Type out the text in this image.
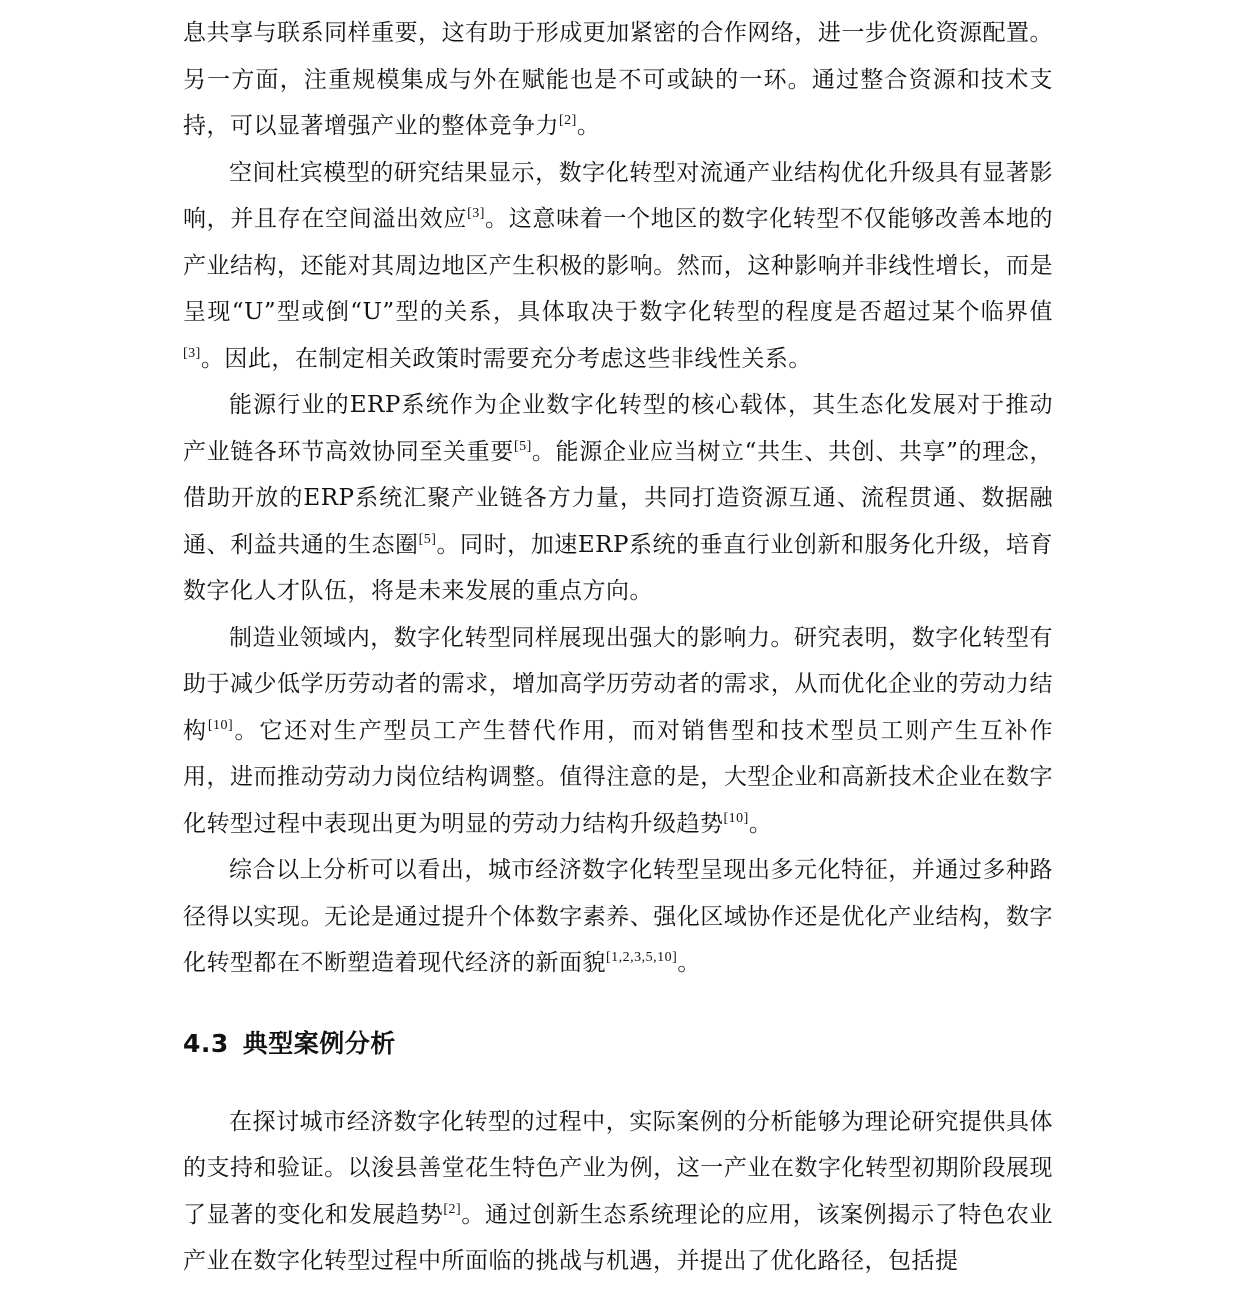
息共享与联系同样重要，这有助于形成更加紧密的合作网络，进一步优化资源配置。另一方面，注重规模集成与外在赋能也是不可或缺的一环。通过整合资源和技术支持，可以显著增强产业的整体竞争力[2]。

空间杜宾模型的研究结果显示，数字化转型对流通产业结构优化升级具有显著影响，并且存在空间溢出效应[3]。这意味着一个地区的数字化转型不仅能够改善本地的产业结构，还能对其周边地区产生积极的影响。然而，这种影响并非线性增长，而是呈现“U”型或倒“U”型的关系，具体取决于数字化转型的程度是否超过某个临界值[3]。因此，在制定相关政策时需要充分考虑这些非线性关系。

能源行业的ERP系统作为企业数字化转型的核心载体，其生态化发展对于推动产业链各环节高效协同至关重要[5]。能源企业应当树立“共生、共创、共享”的理念，借助开放的ERP系统汇聚产业链各方力量，共同打造资源互通、流程贯通、数据融通、利益共通的生态圈[5]。同时，加速ERP系统的垂直行业创新和服务化升级，培育数字化人才队伍，将是未来发展的重点方向。

制造业领域内，数字化转型同样展现出强大的影响力。研究表明，数字化转型有助于减少低学历劳动者的需求，增加高学历劳动者的需求，从而优化企业的劳动力结构[10]。它还对生产型员工产生替代作用，而对销售型和技术型员工则产生互补作用，进而推动劳动力岗位结构调整。值得注意的是，大型企业和高新技术企业在数字化转型过程中表现出更为明显的劳动力结构升级趋势[10]。

综合以上分析可以看出，城市经济数字化转型呈现出多元化特征，并通过多种路径得以实现。无论是通过提升个体数字素养、强化区域协作还是优化产业结构，数字化转型都在不断塑造着现代经济的新面貌[1,2,3,5,10]。

4.3 典型案例分析

在探讨城市经济数字化转型的过程中，实际案例的分析能够为理论研究提供具体的支持和验证。以浚县善堂花生特色产业为例，这一产业在数字化转型初期阶段展现了显著的变化和发展趋势[2]。通过创新生态系统理论的应用，该案例揭示了特色农业产业在数字化转型过程中所面临的挑战与机遇，并提出了优化路径，包括提
